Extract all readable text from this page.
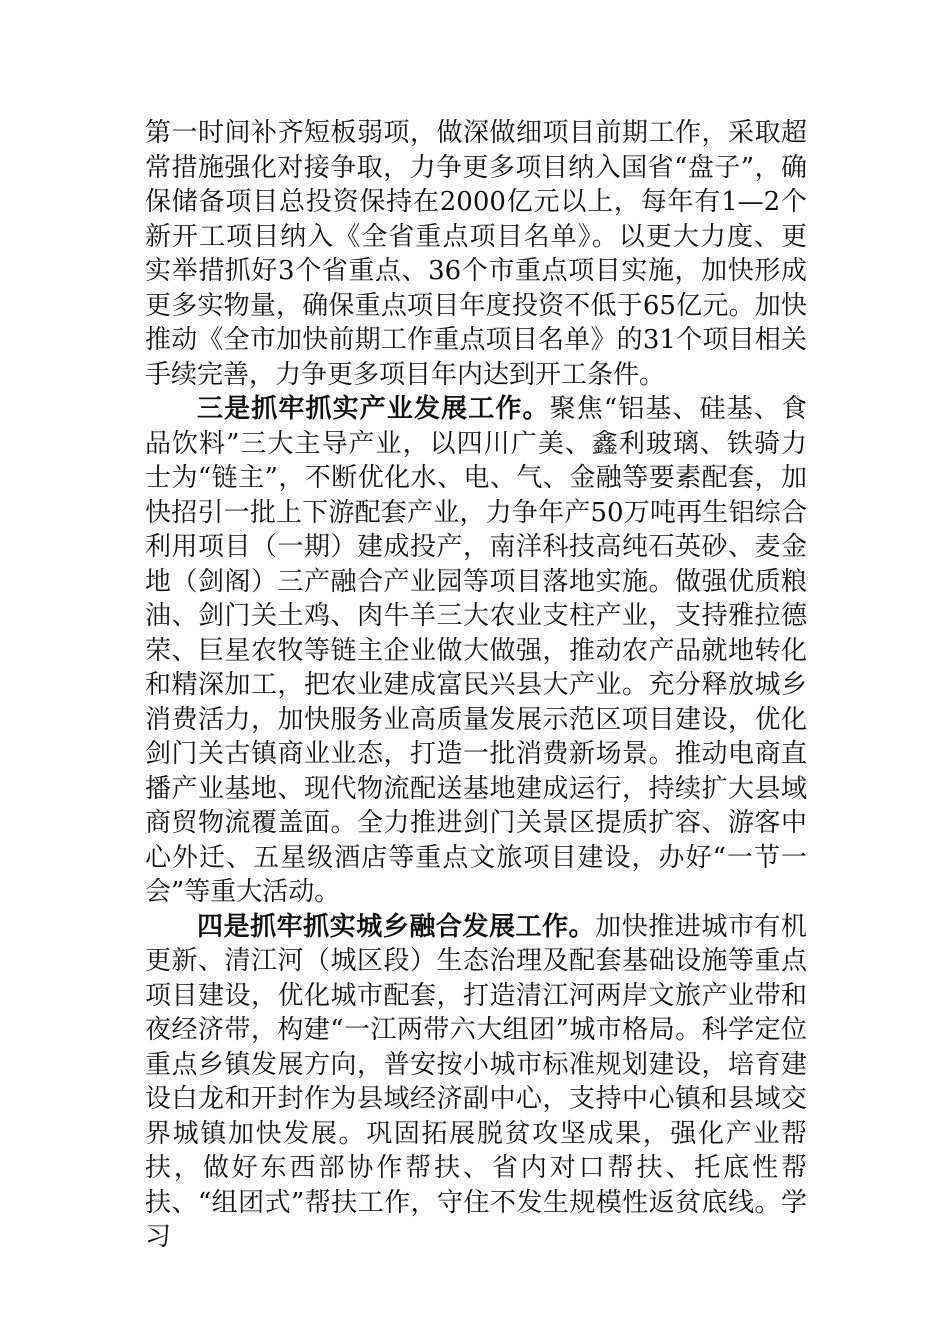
第一时间补齐短板弱项，做深做细项目前期工作，采取超常措施强化对接争取，力争更多项目纳入国省“盘子”，确保储备项目总投资保持在2000亿元以上，每年有1—2个新开工项目纳入《全省重点项目名单》。以更大力度、更实举措抓好3个省重点、36个市重点项目实施，加快形成更多实物量，确保重点项目年度投资不低于65亿元。加快推动《全市加快前期工作重点项目名单》的31个项目相关手续完善，力争更多项目年内达到开工条件。

三是抓牢抓实产业发展工作。聚焦“铝基、硅基、食品饮料”三大主导产业，以四川广美、鑫利玻璃、铁骑力士为“链主”，不断优化水、电、气、金融等要素配套，加快招引一批上下游配套产业，力争年产50万吨再生铝综合利用项目（一期）建成投产，南洋科技高纯石英砂、麦金地（剑阁）三产融合产业园等项目落地实施。做强优质粮油、剑门关土鸡、肉牛羊三大农业支柱产业，支持雅拉德荣、巨星农牧等链主企业做大做强，推动农产品就地转化和精深加工，把农业建成富民兴县大产业。充分释放城乡消费活力，加快服务业高质量发展示范区项目建设，优化剑门关古镇商业业态，打造一批消费新场景。推动电商直播产业基地、现代物流配送基地建成运行，持续扩大县域商贸物流覆盖面。全力推进剑门关景区提质扩容、游客中心外迁、五星级酒店等重点文旅项目建设，办好“一节一会”等重大活动。

四是抓牢抓实城乡融合发展工作。加快推进城市有机更新、清江河（城区段）生态治理及配套基础设施等重点项目建设，优化城市配套，打造清江河两岸文旅产业带和夜经济带，构建“一江两带六大组团”城市格局。科学定位重点乡镇发展方向，普安按小城市标准规划建设，培育建设白龙和开封作为县域经济副中心，支持中心镇和县域交界城镇加快发展。巩固拓展脱贫攻坚成果，强化产业帮扶，做好东西部协作帮扶、省内对口帮扶、托底性帮扶、“组团式”帮扶工作，守住不发生规模性返贫底线。学习
